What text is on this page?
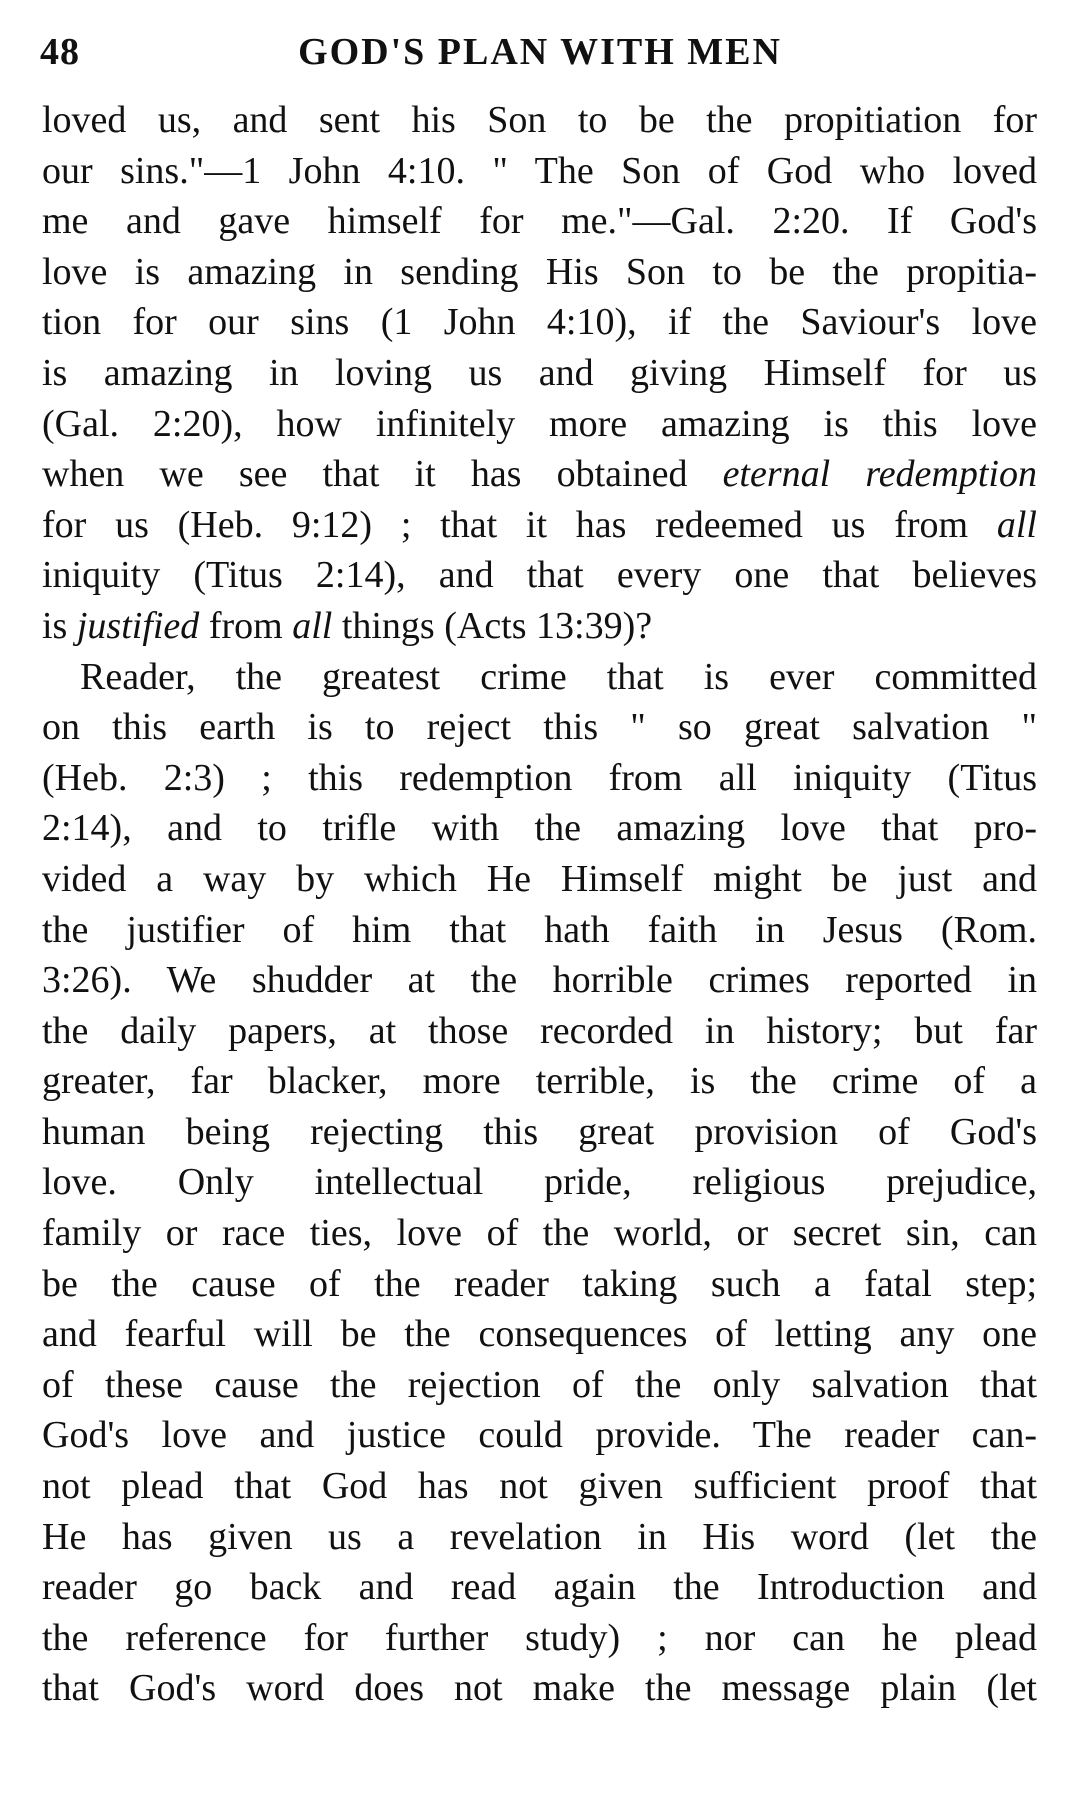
48	GOD'S PLAN WITH MEN
loved us, and sent his Son to be the propitiation for
our sins."—1 John 4:10. " The Son of God who loved
me and gave himself for me."—Gal. 2:20. If God's
love is amazing in sending His Son to be the propitia-
tion for our sins (1 John 4:10), if the Saviour's love
is amazing in loving us and giving Himself for us
(Gal. 2:20), how infinitely more amazing is this love
when we see that it has obtained eternal redemption
for us (Heb. 9:12) ; that it has redeemed us from all
iniquity (Titus 2:14), and that every one that believes
is justified from all things (Acts 13:39)?
Reader, the greatest crime that is ever committed
on this earth is to reject this " so great salvation "
(Heb. 2:3) ; this redemption from all iniquity (Titus
2:14), and to trifle with the amazing love that pro-
vided a way by which He Himself might be just and
the justifier of him that hath faith in Jesus (Rom.
3:26). We shudder at the horrible crimes reported in
the daily papers, at those recorded in history; but far
greater, far blacker, more terrible, is the crime of a
human being rejecting this great provision of God's
love. Only intellectual pride, religious prejudice,
family or race ties, love of the world, or secret sin, can
be the cause of the reader taking such a fatal step;
and fearful will be the consequences of letting any one
of these cause the rejection of the only salvation that
God's love and justice could provide. The reader can-
not plead that God has not given sufficient proof that
He has given us a revelation in His word (let the
reader go back and read again the Introduction and
the reference for further study) ; nor can he plead
that God's word does not make the message plain (let
